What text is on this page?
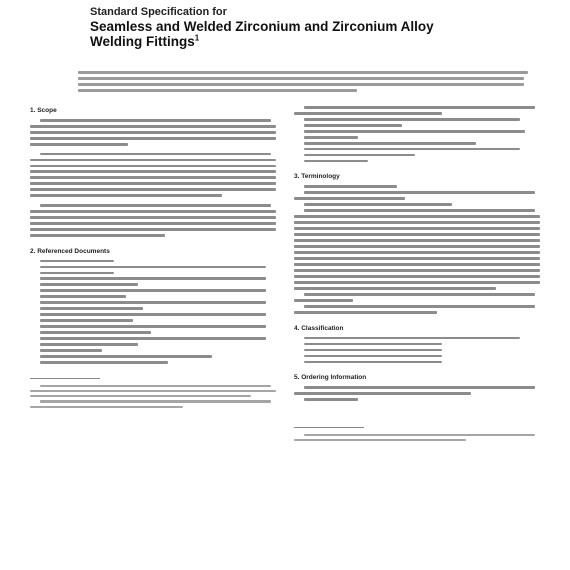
Standard Specification for
Seamless and Welded Zirconium and Zirconium Alloy
Welding Fittings$^1$
1. Scope
2. Referenced Documents
3. Terminology
4. Classification
5. Ordering Information
